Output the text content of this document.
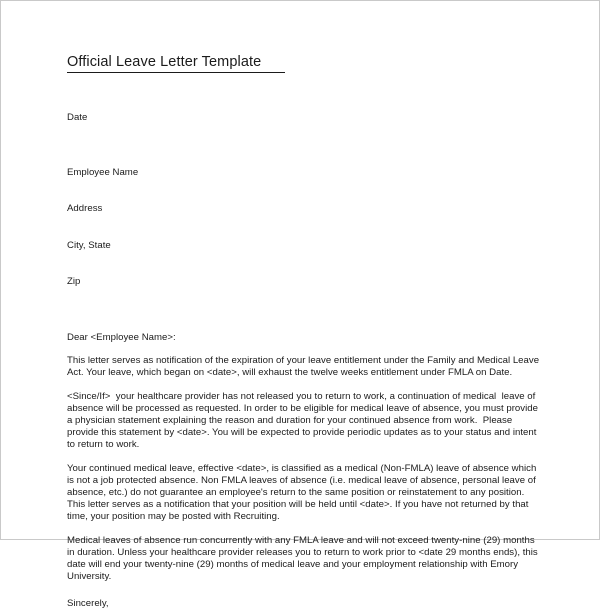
Official Leave Letter Template

Date

Employee Name

Address

City, State

Zip

Dear <Employee Name>:

This letter serves as notification of the expiration of your leave entitlement under the Family and Medical Leave Act. Your leave, which began on <date>, will exhaust the twelve weeks entitlement under FMLA on Date.

<Since/If>  your healthcare provider has not released you to return to work, a continuation of medical  leave of absence will be processed as requested. In order to be eligible for medical leave of absence, you must provide a physician statement explaining the reason and duration for your continued absence from work.  Please provide this statement by <date>. You will be expected to provide periodic updates as to your status and intent to return to work.

Your continued medical leave, effective <date>, is classified as a medical (Non-FMLA) leave of absence which is not a job protected absence. Non FMLA leaves of absence (i.e. medical leave of absence, personal leave of absence, etc.) do not guarantee an employee's return to the same position or reinstatement to any position. This letter serves as a notification that your position will be held until <date>. If you have not returned by that time, your position may be posted with Recruiting.

Medical leaves of absence run concurrently with any FMLA leave and will not exceed twenty-nine (29) months in duration. Unless your healthcare provider releases you to return to work prior to <date 29 months ends), this date will end your twenty-nine (29) months of medical leave and your employment relationship with Emory University.

Sincerely,
